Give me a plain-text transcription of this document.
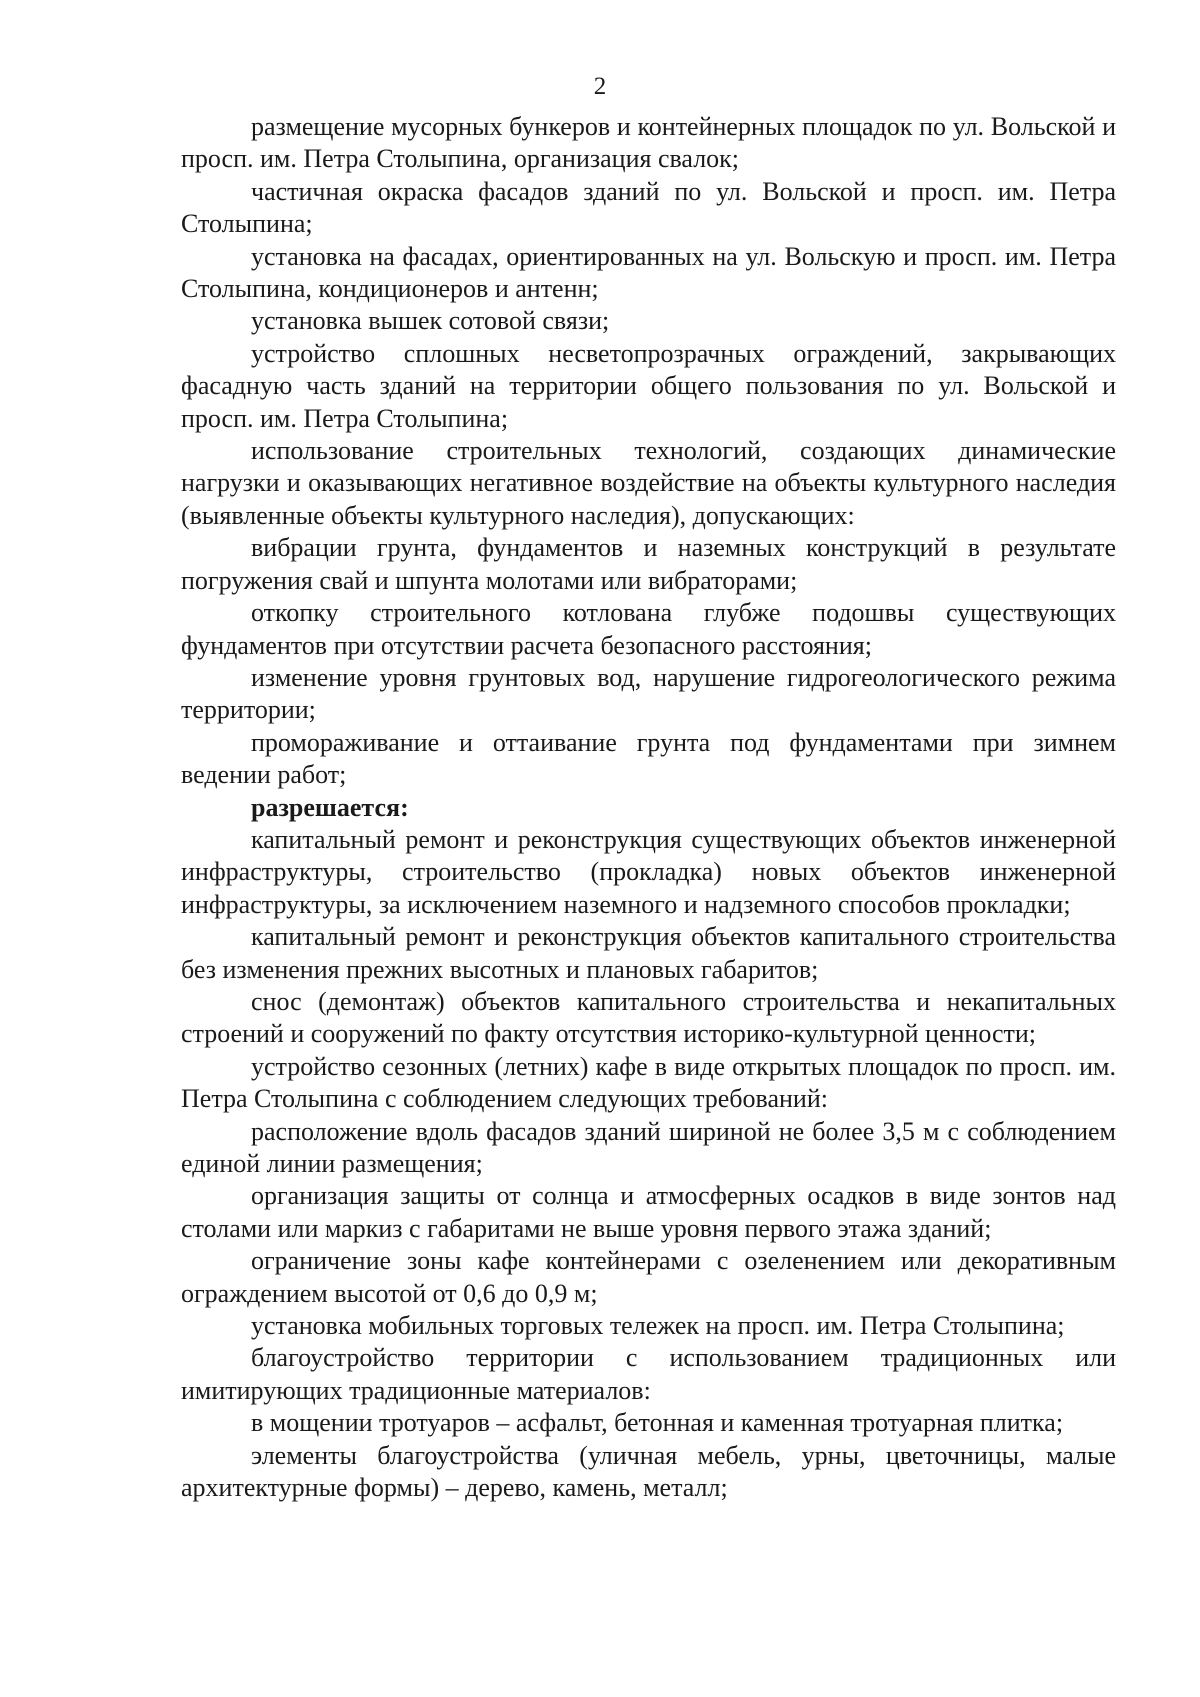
2

размещение мусорных бункеров и контейнерных площадок по ул. Вольской и просп. им. Петра Столыпина, организация свалок;

частичная окраска фасадов зданий по ул. Вольской и просп. им. Петра Столыпина;

установка на фасадах, ориентированных на ул. Вольскую и просп. им. Петра Столыпина, кондиционеров и антенн;

установка вышек сотовой связи;

устройство сплошных несветопрозрачных ограждений, закрывающих фасадную часть зданий на территории общего пользования по ул. Вольской и просп. им. Петра Столыпина;

использование строительных технологий, создающих динамические нагрузки и оказывающих негативное воздействие на объекты культурного наследия (выявленные объекты культурного наследия), допускающих:

вибрации грунта, фундаментов и наземных конструкций в результате погружения свай и шпунта молотами или вибраторами;

откопку строительного котлована глубже подошвы существующих фундаментов при отсутствии расчета безопасного расстояния;

изменение уровня грунтовых вод, нарушение гидрогеологического режима территории;

промораживание и оттаивание грунта под фундаментами при зимнем ведении работ;

разрешается:

капитальный ремонт и реконструкция существующих объектов инженерной инфраструктуры, строительство (прокладка) новых объектов инженерной инфраструктуры, за исключением наземного и надземного способов прокладки;

капитальный ремонт и реконструкция объектов капитального строительства без изменения прежних высотных и плановых габаритов;

снос (демонтаж) объектов капитального строительства и некапитальных строений и сооружений по факту отсутствия историко-культурной ценности;

устройство сезонных (летних) кафе в виде открытых площадок по просп. им. Петра Столыпина с соблюдением следующих требований:

расположение вдоль фасадов зданий шириной не более 3,5 м с соблюдением единой линии размещения;

организация защиты от солнца и атмосферных осадков в виде зонтов над столами или маркиз с габаритами не выше уровня первого этажа зданий;

ограничение зоны кафе контейнерами с озеленением или декоративным ограждением высотой от 0,6 до 0,9 м;

установка мобильных торговых тележек на просп. им. Петра Столыпина;

благоустройство территории с использованием традиционных или имитирующих традиционные материалов:

в мощении тротуаров – асфальт, бетонная и каменная тротуарная плитка;

элементы благоустройства (уличная мебель, урны, цветочницы, малые архитектурные формы) – дерево, камень, металл;
